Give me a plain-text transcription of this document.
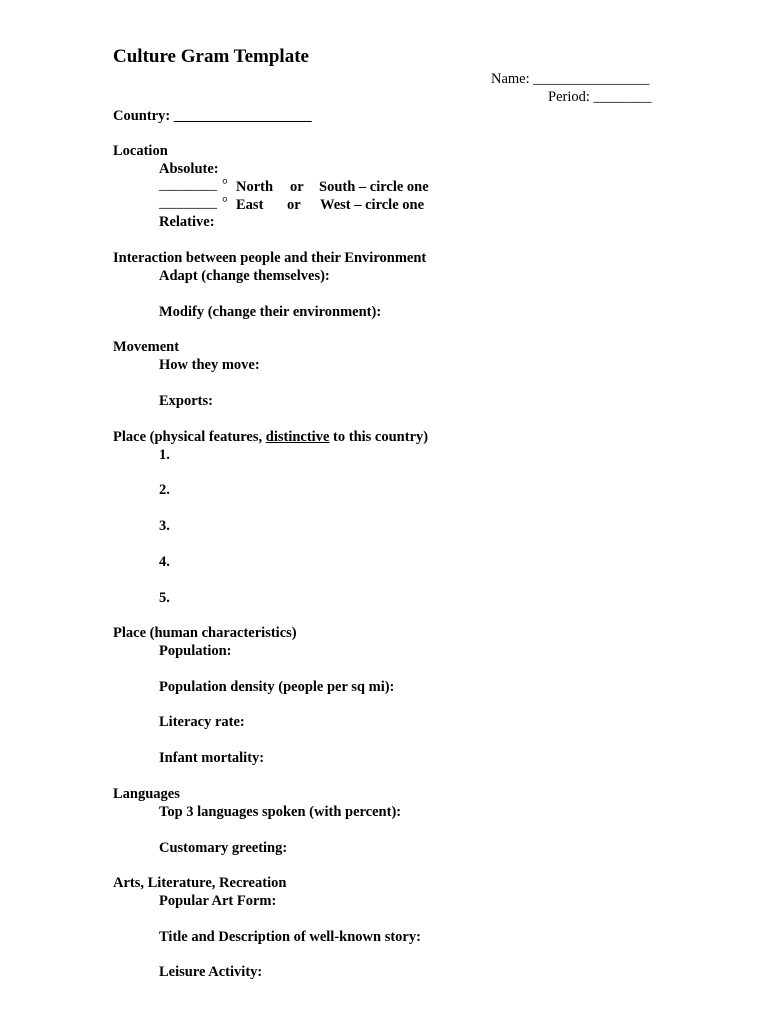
Culture Gram Template
Name: ________________
Period: ________
Country: ___________________
Location
Absolute:
________ ° North or South – circle one
________ ° East or West – circle one
Relative:
Interaction between people and their Environment
Adapt (change themselves):
Modify (change their environment):
Movement
How they move:
Exports:
Place (physical features, distinctive to this country)
1.
2.
3.
4.
5.
Place (human characteristics)
Population:
Population density (people per sq mi):
Literacy rate:
Infant mortality:
Languages
Top 3 languages spoken (with percent):
Customary greeting:
Arts, Literature, Recreation
Popular Art Form:
Title and Description of well-known story:
Leisure Activity:
